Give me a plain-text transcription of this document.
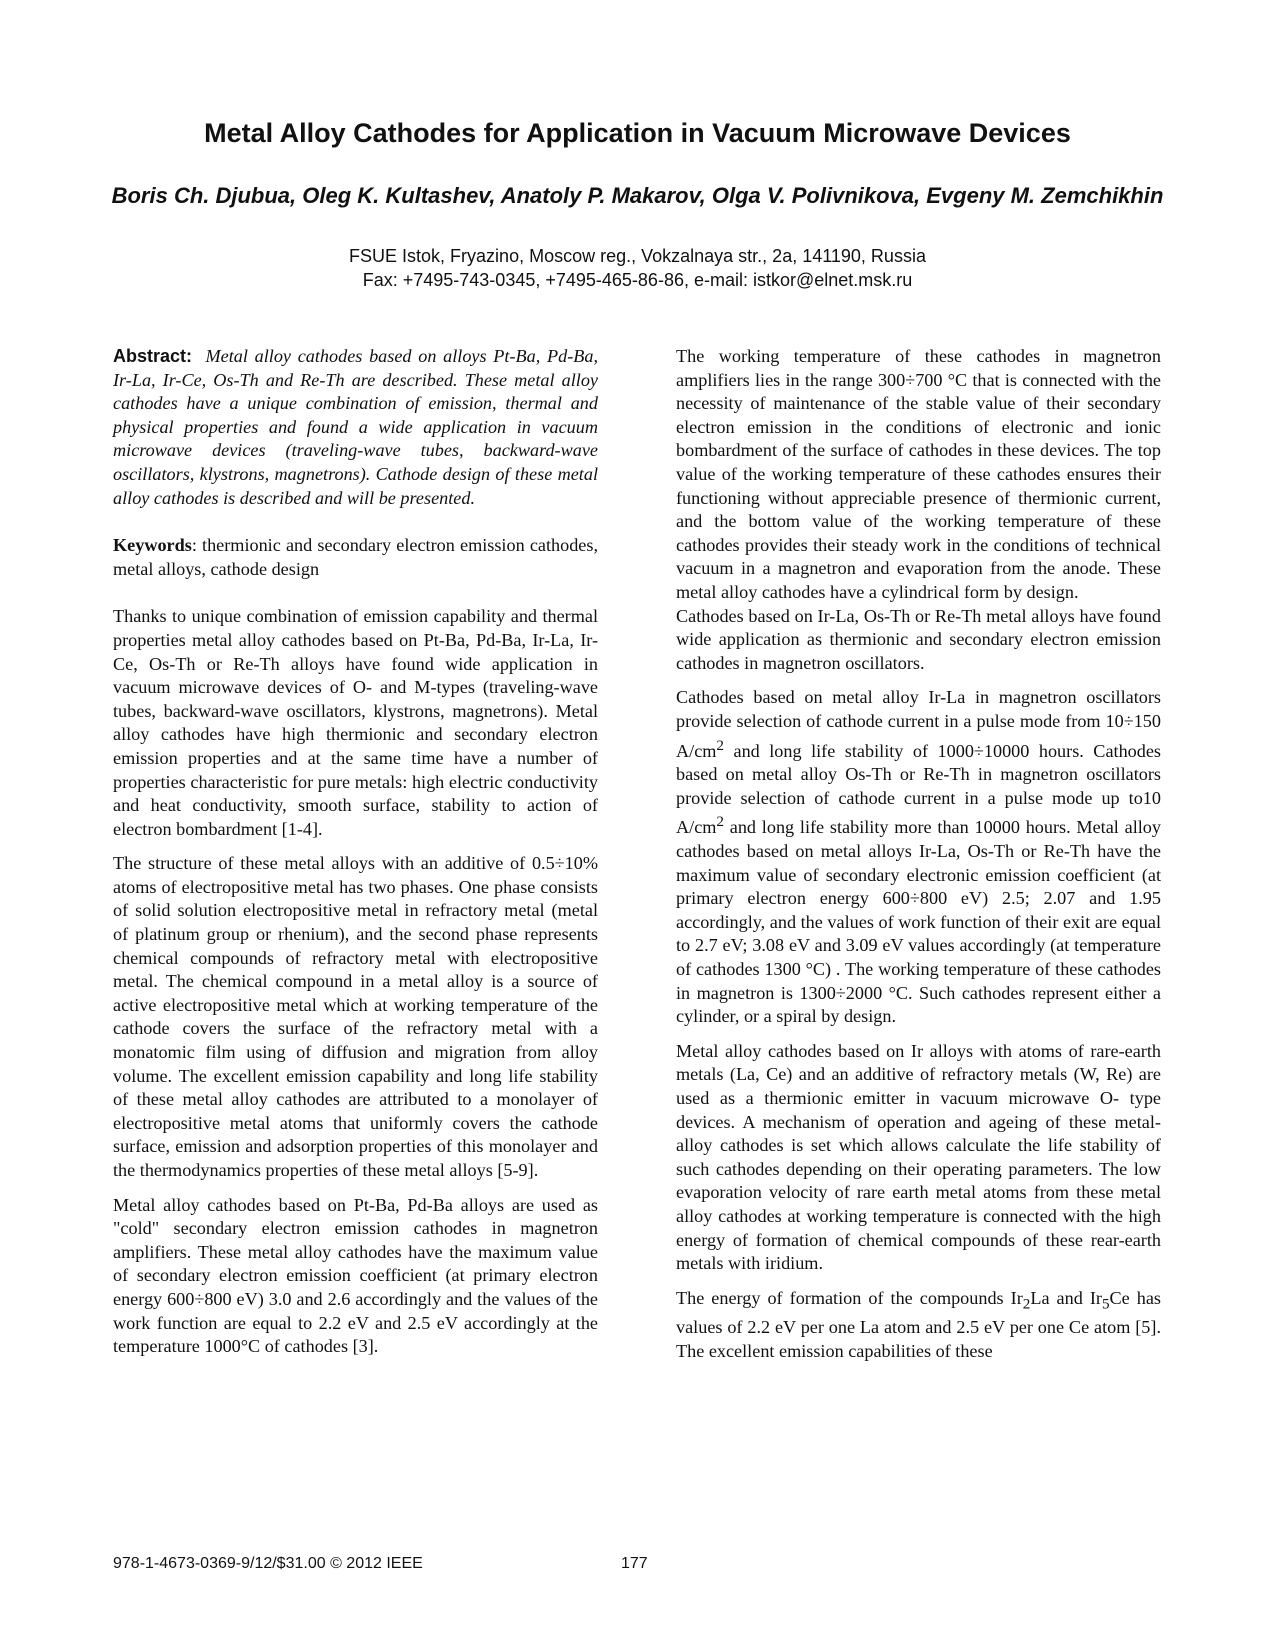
Metal Alloy Cathodes for Application in Vacuum Microwave Devices

Boris Ch. Djubua, Oleg K. Kultashev, Anatoly P. Makarov, Olga V. Polivnikova, Evgeny M. Zemchikhin

FSUE Istok, Fryazino, Moscow reg., Vokzalnaya str., 2a, 141190, Russia

Fax: +7495-743-0345, +7495-465-86-86, e-mail: istkor@elnet.msk.ru

Abstract: Metal alloy cathodes based on alloys Pt-Ba, Pd-Ba, Ir-La, Ir-Ce, Os-Th and Re-Th are described. These metal alloy cathodes have a unique combination of emission, thermal and physical properties and found a wide application in vacuum microwave devices (traveling-wave tubes, backward-wave oscillators, klystrons, magnetrons). Cathode design of these metal alloy cathodes is described and will be presented.

Keywords: thermionic and secondary electron emission cathodes, metal alloys, cathode design

Thanks to unique combination of emission capability and thermal properties metal alloy cathodes based on Pt-Ba, Pd-Ba, Ir-La, Ir-Ce, Os-Th or Re-Th alloys have found wide application in vacuum microwave devices of O- and M-types (traveling-wave tubes, backward-wave oscillators, klystrons, magnetrons). Metal alloy cathodes have high thermionic and secondary electron emission properties and at the same time have a number of properties characteristic for pure metals: high electric conductivity and heat conductivity, smooth surface, stability to action of electron bombardment [1-4].

The structure of these metal alloys with an additive of 0.5÷10% atoms of electropositive metal has two phases. One phase consists of solid solution electropositive metal in refractory metal (metal of platinum group or rhenium), and the second phase represents chemical compounds of refractory metal with electropositive metal. The chemical compound in a metal alloy is a source of active electropositive metal which at working temperature of the cathode covers the surface of the refractory metal with a monatomic film using of diffusion and migration from alloy volume. The excellent emission capability and long life stability of these metal alloy cathodes are attributed to a monolayer of electropositive metal atoms that uniformly covers the cathode surface, emission and adsorption properties of this monolayer and the thermodynamics properties of these metal alloys [5-9].

Metal alloy cathodes based on Pt-Ba, Pd-Ba alloys are used as "cold" secondary electron emission cathodes in magnetron amplifiers. These metal alloy cathodes have the maximum value of secondary electron emission coefficient (at primary electron energy 600÷800 eV) 3.0 and 2.6 accordingly and the values of the work function are equal to 2.2 eV and 2.5 eV accordingly at the temperature 1000°C of cathodes [3].

The working temperature of these cathodes in magnetron amplifiers lies in the range 300÷700 °C that is connected with the necessity of maintenance of the stable value of their secondary electron emission in the conditions of electronic and ionic bombardment of the surface of cathodes in these devices. The top value of the working temperature of these cathodes ensures their functioning without appreciable presence of thermionic current, and the bottom value of the working temperature of these cathodes provides their steady work in the conditions of technical vacuum in a magnetron and evaporation from the anode. These metal alloy cathodes have a cylindrical form by design.

Cathodes based on Ir-La, Os-Th or Re-Th metal alloys have found wide application as thermionic and secondary electron emission cathodes in magnetron oscillators.

Cathodes based on metal alloy Ir-La in magnetron oscillators provide selection of cathode current in a pulse mode from 10÷150 $A/cm^2$ and long life stability of 1000÷10000 hours. Cathodes based on metal alloy Os-Th or Re-Th in magnetron oscillators provide selection of cathode current in a pulse mode up to10 $A/cm^2$ and long life stability more than 10000 hours. Metal alloy cathodes based on metal alloys Ir-La, Os-Th or Re-Th have the maximum value of secondary electronic emission coefficient (at primary electron energy 600÷800 eV) 2.5; 2.07 and 1.95 accordingly, and the values of work function of their exit are equal to 2.7 eV; 3.08 eV and 3.09 eV values accordingly (at temperature of cathodes 1300 °C) . The working temperature of these cathodes in magnetron is 1300÷2000 °C. Such cathodes represent either a cylinder, or a spiral by design.

Metal alloy cathodes based on Ir alloys with atoms of rare-earth metals (La, Ce) and an additive of refractory metals (W, Re) are used as a thermionic emitter in vacuum microwave O- type devices. A mechanism of operation and ageing of these metal-alloy cathodes is set which allows calculate the life stability of such cathodes depending on their operating parameters. The low evaporation velocity of rare earth metal atoms from these metal alloy cathodes at working temperature is connected with the high energy of formation of chemical compounds of these rear-earth metals with iridium.

The energy of formation of the compounds $Ir_2La$ and $Ir_5Ce$ has values of 2.2 eV per one La atom and 2.5 eV per one Ce atom [5]. The excellent emission capabilities of these

978-1-4673-0369-9/12/$31.00 © 2012 IEEE	177
